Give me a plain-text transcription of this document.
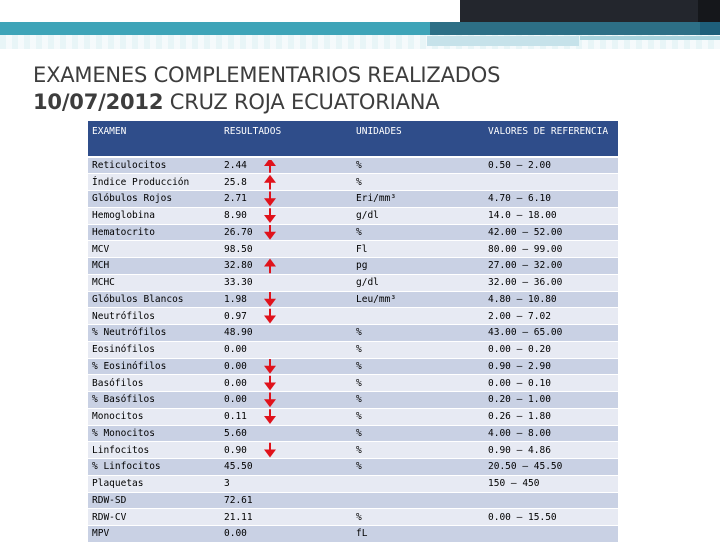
EXAMENES COMPLEMENTARIOS REALIZADOS
10/07/2012 CRUZ ROJA ECUATORIANA
EXAMEN	RESULTADOS	UNIDADES	VALORES DE REFERENCIA
Reticulocitos	2.44	%	0.50 – 2.00
Índice Producción	25.8	%	
Glóbulos Rojos	2.71	Eri/mm³	4.70 – 6.10
Hemoglobina	8.90	g/dl	14.0 – 18.00
Hematocrito	26.70	%	42.00 – 52.00
MCV	98.50	Fl	80.00 – 99.00
MCH	32.80	pg	27.00 – 32.00
MCHC	33.30	g/dl	32.00 – 36.00
Glóbulos Blancos	1.98	Leu/mm³	4.80 – 10.80
Neutrófilos	0.97		2.00 – 7.02
% Neutrófilos	48.90	%	43.00 – 65.00
Eosinófilos	0.00	%	0.00 – 0.20
% Eosinófilos	0.00	%	0.90 – 2.90
Basófilos	0.00	%	0.00 – 0.10
% Basófilos	0.00	%	0.20 – 1.00
Monocitos	0.11	%	0.26 – 1.80
% Monocitos	5.60	%	4.00 – 8.00
Linfocitos	0.90	%	0.90 – 4.86
% Linfocitos	45.50	%	20.50 – 45.50
Plaquetas	3		150 – 450
RDW-SD	72.61		
RDW-CV	21.11	%	0.00 – 15.50
MPV	0.00	fL	
